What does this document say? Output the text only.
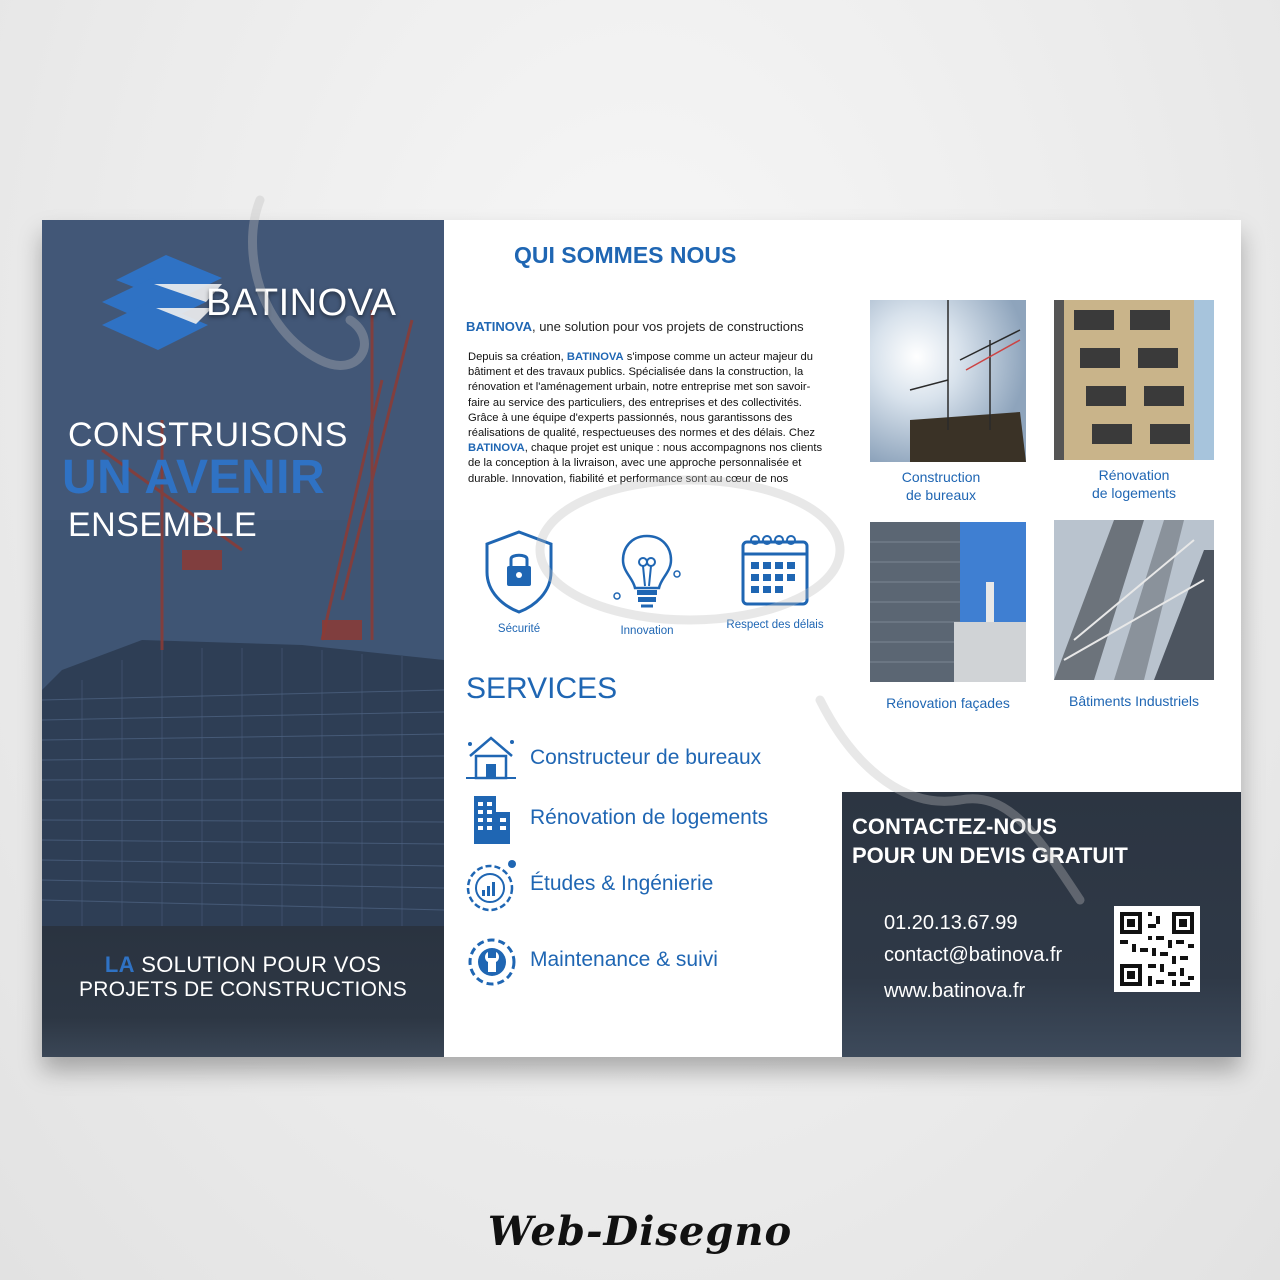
BATINOVA
CONSTRUISONS
UN AVENIR
ENSEMBLE
LA SOLUTION POUR VOS
PROJETS DE CONSTRUCTIONS
QUI SOMMES NOUS
BATINOVA, une solution pour vos projets de constructions
Depuis sa création, BATINOVA s'impose comme un acteur majeur du bâtiment et des travaux publics. Spécialisée dans la construction, la rénovation et l'aménagement urbain, notre entreprise met son savoir-faire au service des particuliers, des entreprises et des collectivités. Grâce à une équipe d'experts passionnés, nous garantissons des réalisations de qualité, respectueuses des normes et des délais. Chez BATINOVA, chaque projet est unique : nous accompagnons nos clients de la conception à la livraison, avec une approche personnalisée et durable. Innovation, fiabilité et performance sont au cœur de nos
Sécurité	Innovation	Respect des délais
SERVICES
Constructeur de bureaux
Rénovation de logements
Études & Ingénierie
Maintenance & suivi
Construction
de bureaux
Rénovation
de logements
Rénovation façades	Bâtiments Industriels
CONTACTEZ-NOUS
POUR UN DEVIS GRATUIT
01.20.13.67.99
contact@batinova.fr
www.batinova.fr
Web-Disegno
